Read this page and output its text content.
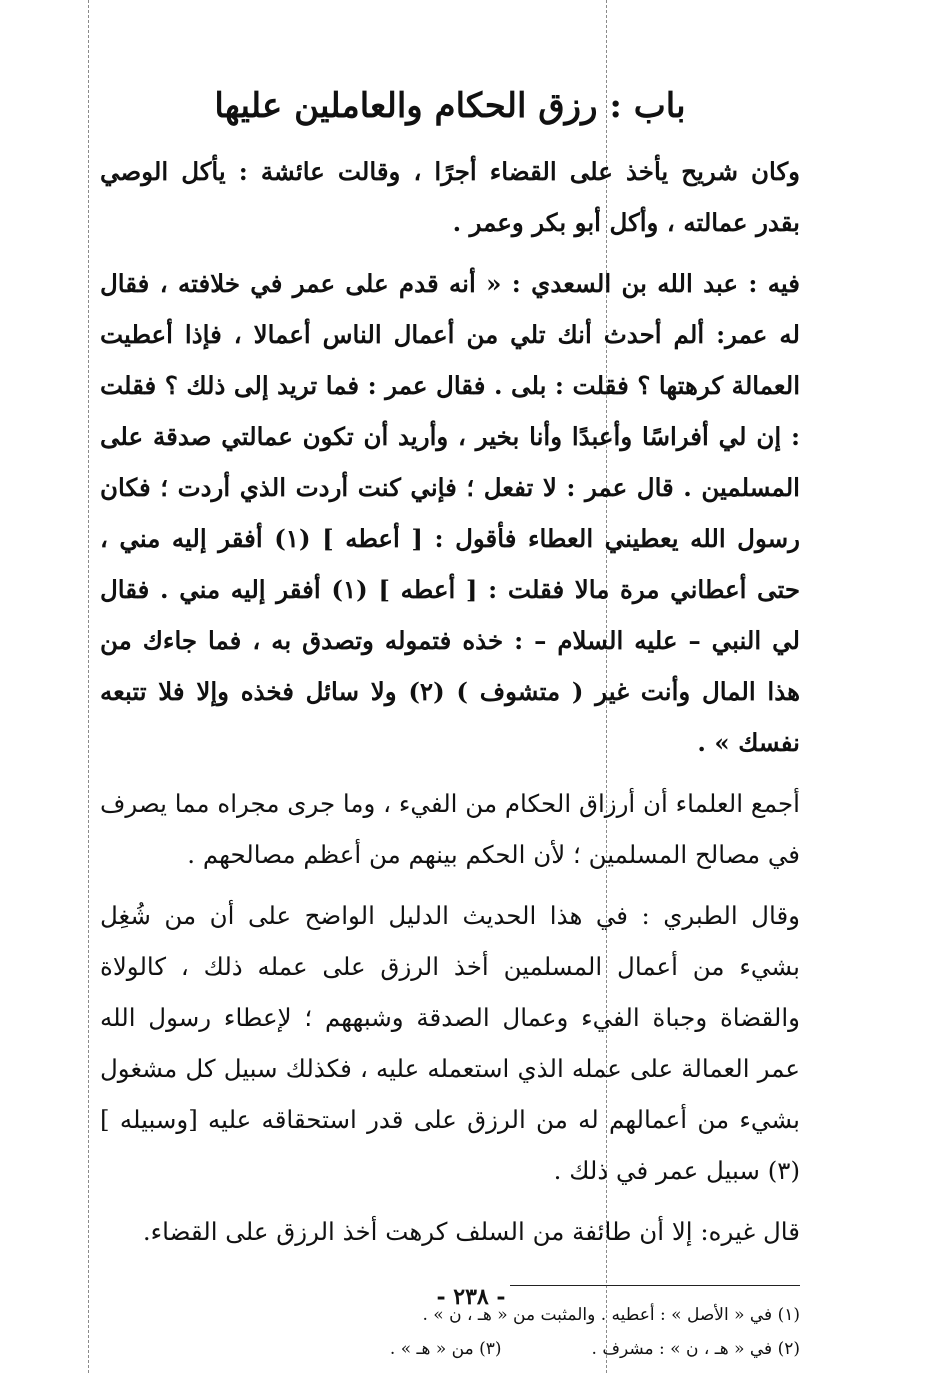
باب : رزق الحكام والعاملين عليها

وكان شريح يأخذ على القضاء أجرًا ، وقالت عائشة : يأكل الوصي بقدر عمالته ، وأكل أبو بكر وعمر .

فيه : عبد الله بن السعدي : « أنه قدم على عمر في خلافته ، فقال له عمر: ألم أحدث أنك تلي من أعمال الناس أعمالا ، فإذا أعطيت العمالة كرهتها ؟ فقلت : بلى . فقال عمر : فما تريد إلى ذلك ؟ فقلت : إن لي أفراسًا وأعبدًا وأنا بخير ، وأريد أن تكون عمالتي صدقة على المسلمين . قال عمر : لا تفعل ؛ فإني كنت أردت الذي أردت ؛ فكان رسول الله يعطيني العطاء فأقول : [ أعطه ] (١) أفقر إليه مني ، حتى أعطاني مرة مالا فقلت : [ أعطه ] (١) أفقر إليه مني . فقال لي النبي – عليه السلام – : خذه فتموله وتصدق به ، فما جاءك من هذا المال وأنت غير ( متشوف ) (٢) ولا سائل فخذه وإلا فلا تتبعه نفسك » .

أجمع العلماء أن أرزاق الحكام من الفيء ، وما جرى مجراه مما يصرف في مصالح المسلمين ؛ لأن الحكم بينهم من أعظم مصالحهم .

وقال الطبري : في هذا الحديث الدليل الواضح على أن من شُغِل بشيء من أعمال المسلمين أخذ الرزق على عمله ذلك ، كالولاة والقضاة وجباة الفيء وعمال الصدقة وشبههم ؛ لإعطاء رسول الله عمر العمالة على عمله الذي استعمله عليه ، فكذلك سبيل كل مشغول بشيء من أعمالهم له من الرزق على قدر استحقاقه عليه [وسبيله ] (٣) سبيل عمر في ذلك .

قال غيره: إلا أن طائفة من السلف كرهت أخذ الرزق على القضاء.

(١) في « الأصل » : أعطيه . والمثبت من « هـ ، ن » .
(٢) في « هـ ، ن » : مشرف .(٣) من « هـ » .
- ٢٣٨ -
